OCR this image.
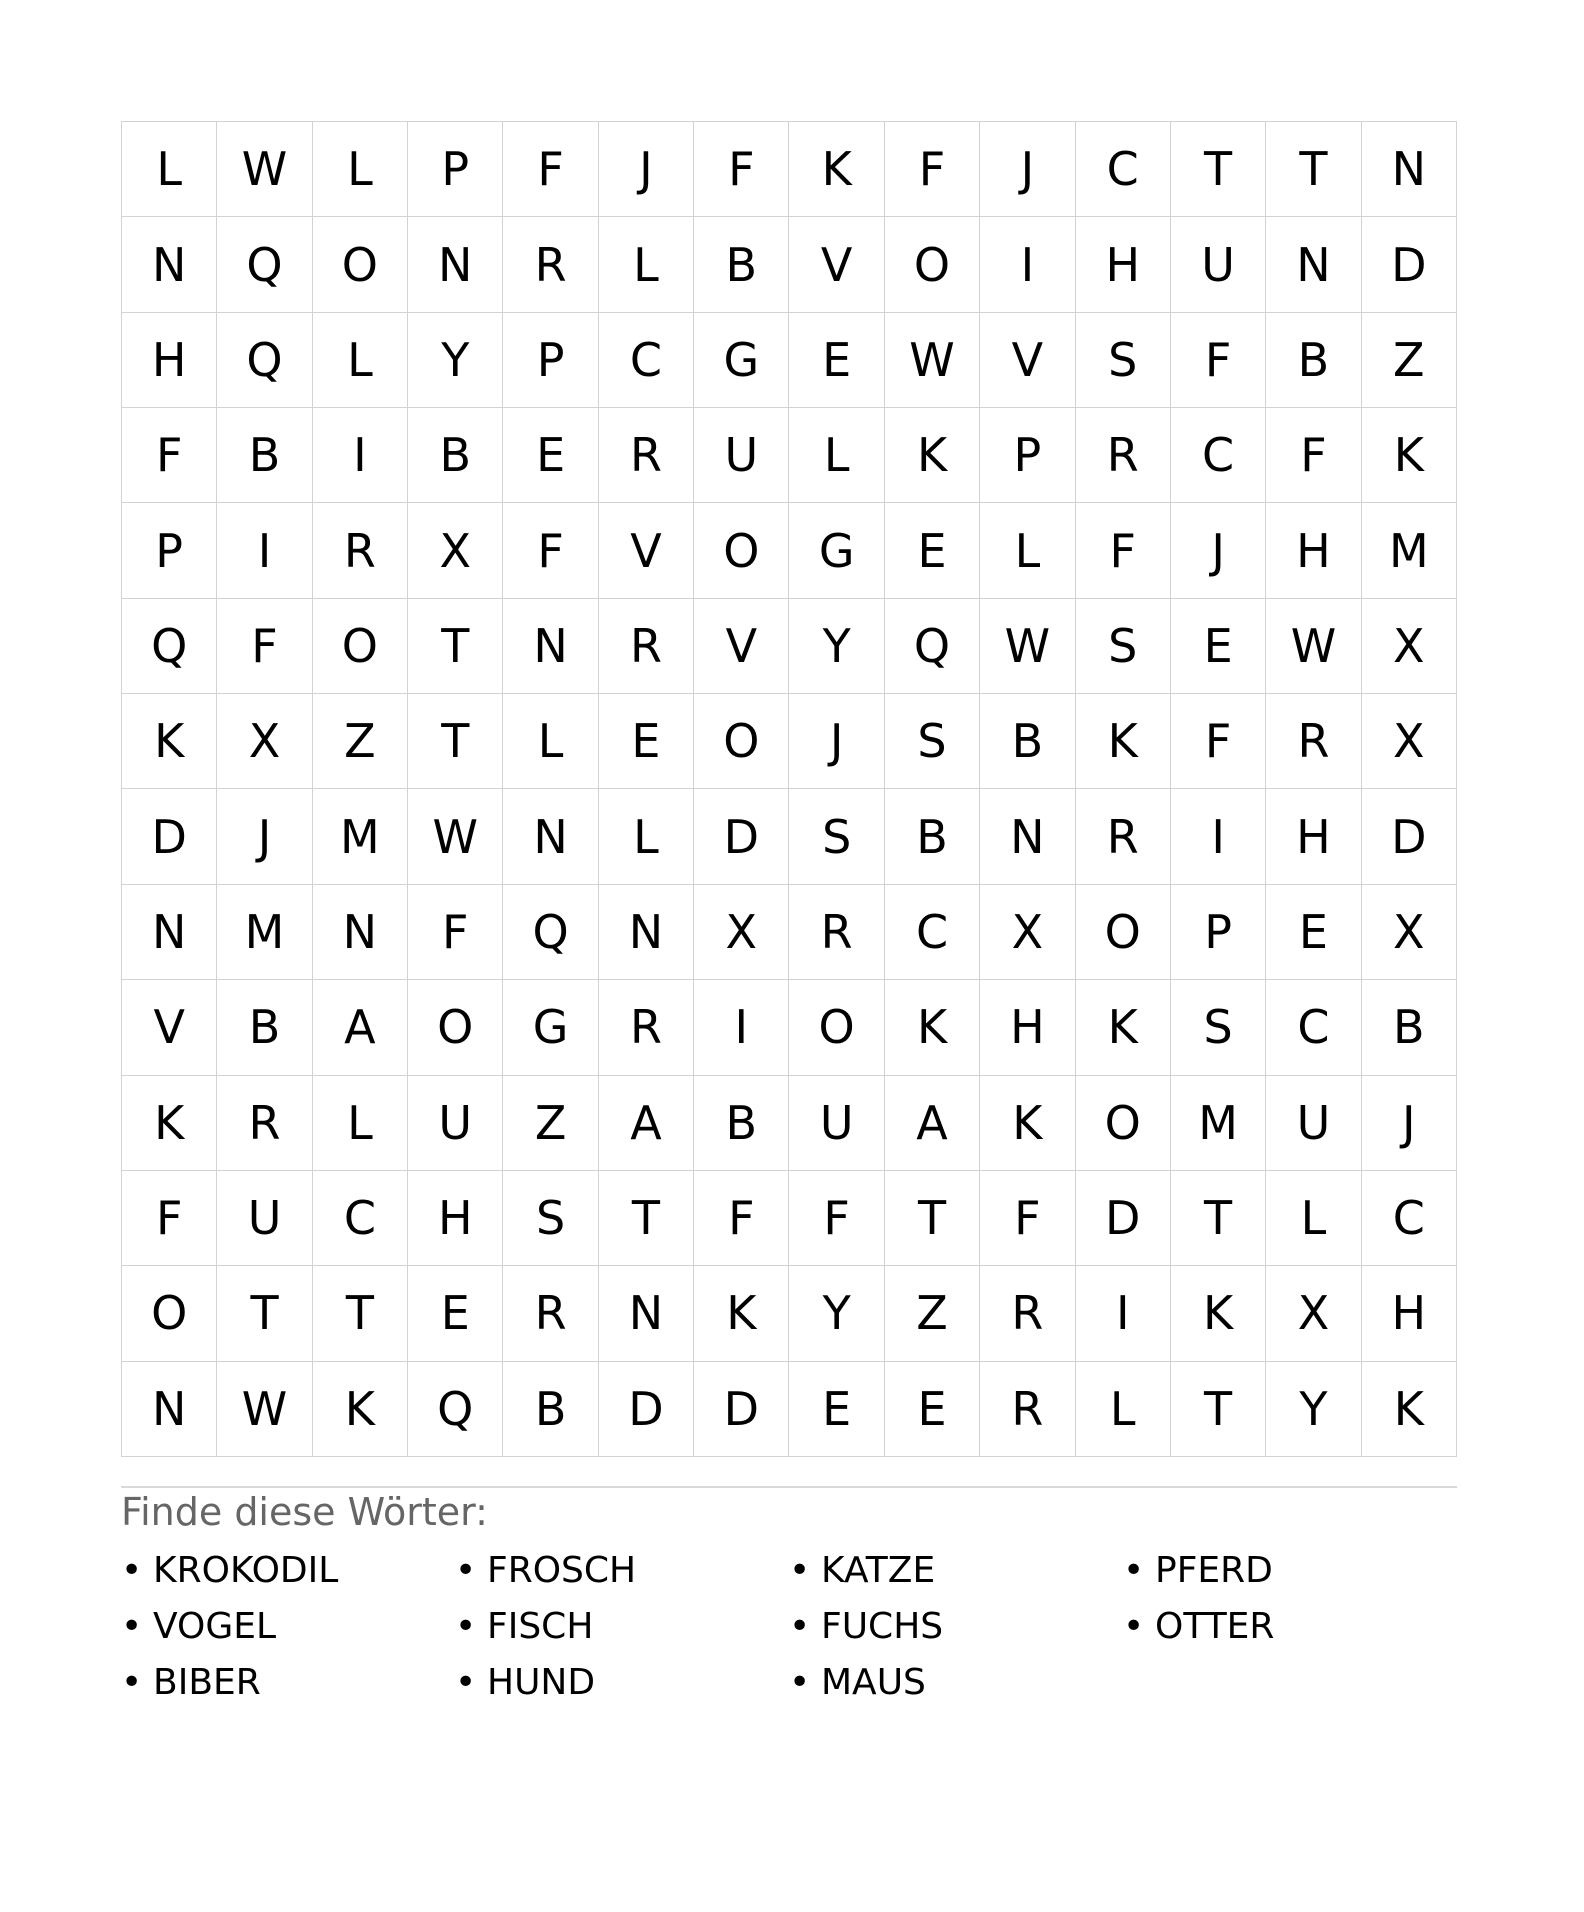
L	W	L	P	F	J	F	K	F	J	C	T	T	N
N	Q	O	N	R	L	B	V	O	I	H	U	N	D
H	Q	L	Y	P	C	G	E	W	V	S	F	B	Z
F	B	I	B	E	R	U	L	K	P	R	C	F	K
P	I	R	X	F	V	O	G	E	L	F	J	H	M
Q	F	O	T	N	R	V	Y	Q	W	S	E	W	X
K	X	Z	T	L	E	O	J	S	B	K	F	R	X
D	J	M	W	N	L	D	S	B	N	R	I	H	D
N	M	N	F	Q	N	X	R	C	X	O	P	E	X
V	B	A	O	G	R	I	O	K	H	K	S	C	B
K	R	L	U	Z	A	B	U	A	K	O	M	U	J
F	U	C	H	S	T	F	F	T	F	D	T	L	C
O	T	T	E	R	N	K	Y	Z	R	I	K	X	H
N	W	K	Q	B	D	D	E	E	R	L	T	Y	K
Finde diese Wörter:
• KROKODIL	• FROSCH	• KATZE	• PFERD
• VOGEL	• FISCH	• FUCHS	• OTTER
• BIBER	• HUND	• MAUS
